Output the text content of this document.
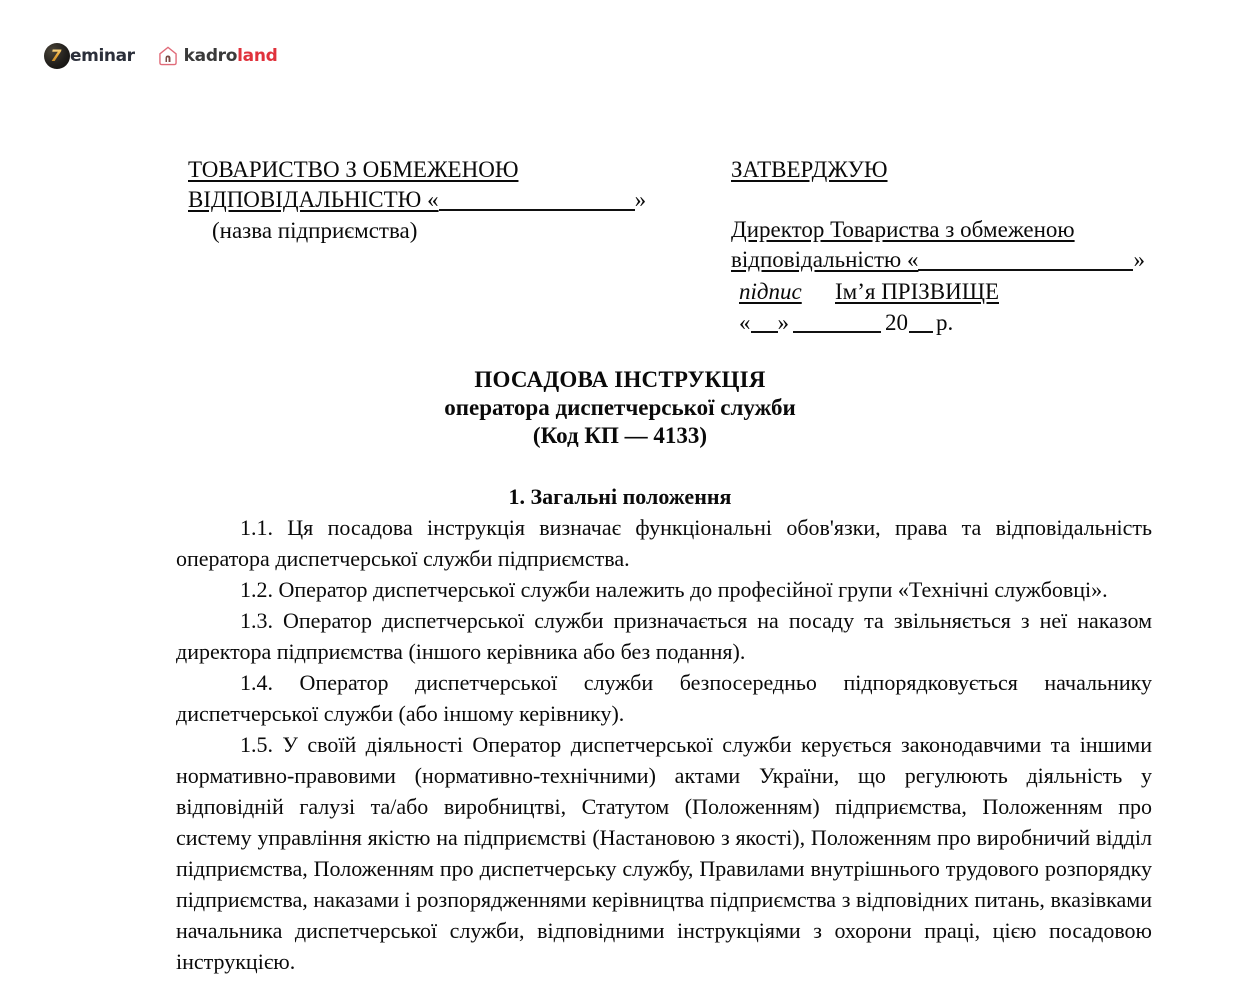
7 eminar	kadroland
ТОВАРИСТВО З ОБМЕЖЕНОЮ
ВІДПОВІДАЛЬНІСТЮ «	»
(назва підприємства)
ЗАТВЕРДЖУЮ
Директор Товариства з обмеженою
відповідальністю «	»
підпис	Ім’я ПРІЗВИЩЕ
« »	20 р.
ПОСАДОВА ІНСТРУКЦІЯ
оператора диспетчерської служби
(Код КП — 4133)
1. Загальні положення

1.1. Ця посадова інструкція визначає функціональні обов'язки, права та відповідальність оператора диспетчерської служби підприємства.

1.2. Оператор диспетчерської служби належить до професійної групи «Технічні службовці».

1.3. Оператор диспетчерської служби призначається на посаду та звільняється з неї наказом директора підприємства (іншого керівника або без подання).

1.4. Оператор диспетчерської служби безпосередньо підпорядковується начальнику диспетчерської служби (або іншому керівнику).

1.5. У своїй діяльності Оператор диспетчерської служби керується законодавчими та іншими нормативно-правовими (нормативно-технічними) актами України, що регулюють діяльність у відповідній галузі та/або виробництві, Статутом (Положенням) підприємства, Положенням про систему управління якістю на підприємстві (Настановою з якості), Положенням про виробничий відділ підприємства, Положенням про диспетчерську службу, Правилами внутрішнього трудового розпорядку підприємства, наказами і розпорядженнями керівництва підприємства з відповідних питань, вказівками начальника диспетчерської служби, відповідними інструкціями з охорони праці, цією посадовою інструкцією.
